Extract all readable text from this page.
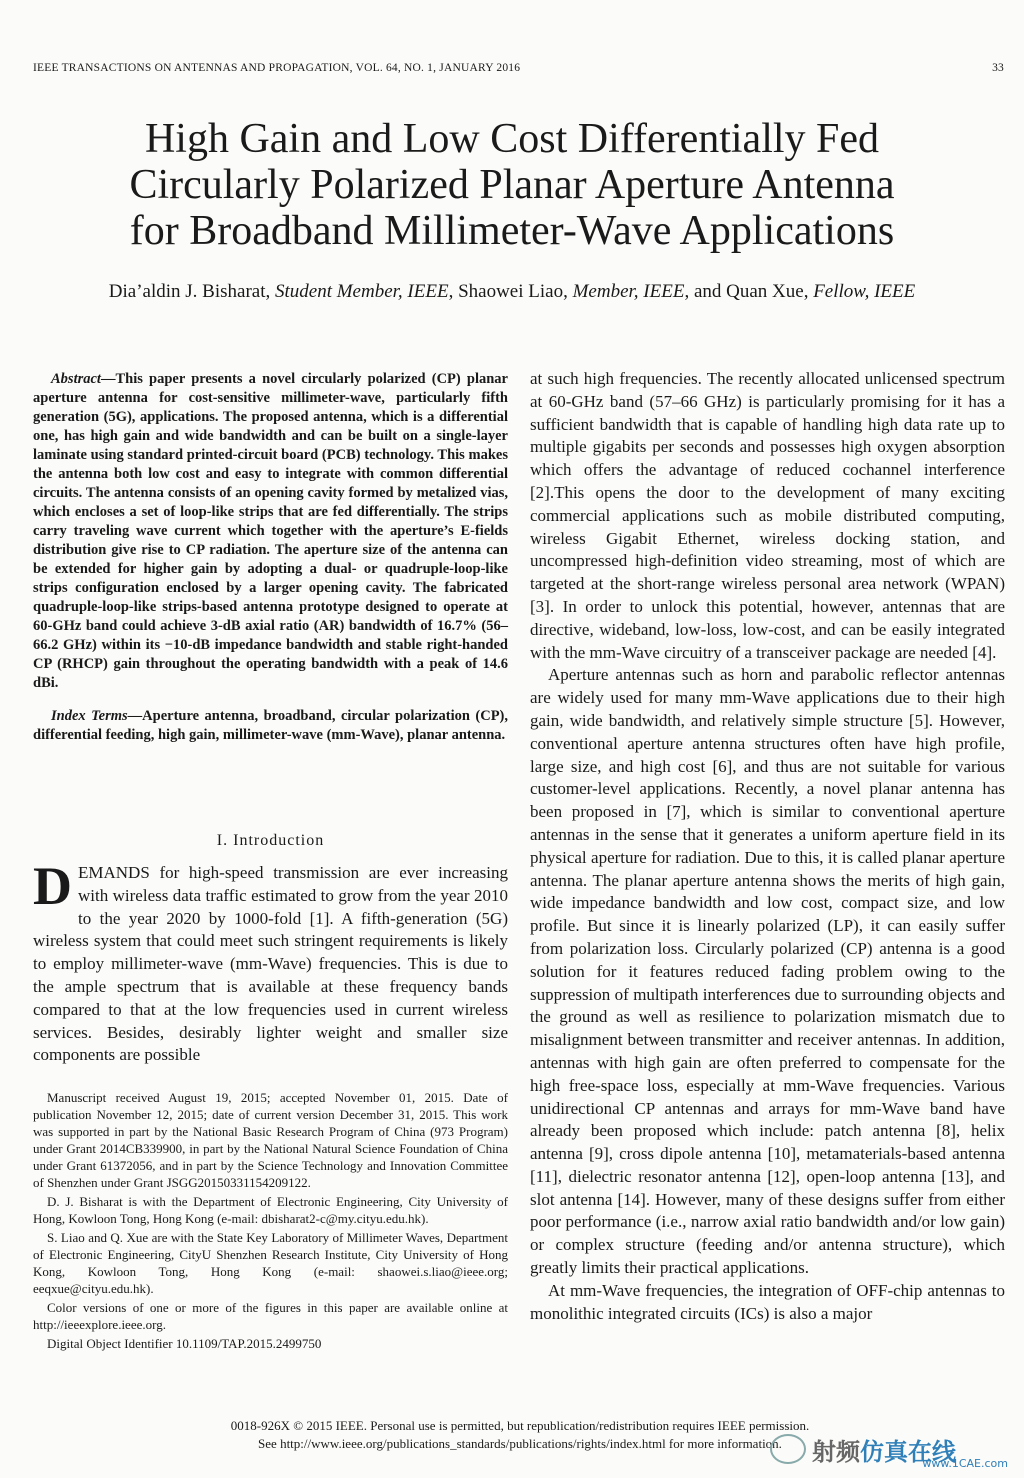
IEEE TRANSACTIONS ON ANTENNAS AND PROPAGATION, VOL. 64, NO. 1, JANUARY 2016	33
High Gain and Low Cost Differentially Fed
Circularly Polarized Planar Aperture Antenna
for Broadband Millimeter-Wave Applications
Dia’aldin J. Bisharat, Student Member, IEEE, Shaowei Liao, Member, IEEE, and Quan Xue, Fellow, IEEE

Abstract—This paper presents a novel circularly polarized (CP) planar aperture antenna for cost-sensitive millimeter-wave, particularly fifth generation (5G), applications. The proposed antenna, which is a differential one, has high gain and wide bandwidth and can be built on a single-layer laminate using standard printed-circuit board (PCB) technology. This makes the antenna both low cost and easy to integrate with common differential circuits. The antenna consists of an opening cavity formed by metalized vias, which encloses a set of loop-like strips that are fed differentially. The strips carry traveling wave current which together with the aperture’s E-fields distribution give rise to CP radiation. The aperture size of the antenna can be extended for higher gain by adopting a dual- or quadruple-loop-like strips configuration enclosed by a larger opening cavity. The fabricated quadruple-loop-like strips-based antenna prototype designed to operate at 60-GHz band could achieve 3-dB axial ratio (AR) bandwidth of 16.7% (56–66.2 GHz) within its −10-dB impedance bandwidth and stable right-handed CP (RHCP) gain throughout the operating bandwidth with a peak of 14.6 dBi.

Index Terms—Aperture antenna, broadband, circular polarization (CP), differential feeding, high gain, millimeter-wave (mm-Wave), planar antenna.

I. Introduction

DEMANDS for high-speed transmission are ever increasing with wireless data traffic estimated to grow from the year 2010 to the year 2020 by 1000-fold [1]. A fifth-generation (5G) wireless system that could meet such stringent requirements is likely to employ millimeter-wave (mm-Wave) frequencies. This is due to the ample spectrum that is available at these frequency bands compared to that at the low frequencies used in current wireless services. Besides, desirably lighter weight and smaller size components are possible

Manuscript received August 19, 2015; accepted November 01, 2015. Date of publication November 12, 2015; date of current version December 31, 2015. This work was supported in part by the National Basic Research Program of China (973 Program) under Grant 2014CB339900, in part by the National Natural Science Foundation of China under Grant 61372056, and in part by the Science Technology and Innovation Committee of Shenzhen under Grant JSGG20150331154209122.

D. J. Bisharat is with the Department of Electronic Engineering, City University of Hong, Kowloon Tong, Hong Kong (e-mail: dbisharat2-c@my.cityu.edu.hk).

S. Liao and Q. Xue are with the State Key Laboratory of Millimeter Waves, Department of Electronic Engineering, CityU Shenzhen Research Institute, City University of Hong Kong, Kowloon Tong, Hong Kong (e-mail: shaowei.s.liao@ieee.org; eeqxue@cityu.edu.hk).

Color versions of one or more of the figures in this paper are available online at http://ieeexplore.ieee.org.

Digital Object Identifier 10.1109/TAP.2015.2499750

at such high frequencies. The recently allocated unlicensed spectrum at 60-GHz band (57–66 GHz) is particularly promising for it has a sufficient bandwidth that is capable of handling high data rate up to multiple gigabits per seconds and possesses high oxygen absorption which offers the advantage of reduced cochannel interference [2].This opens the door to the development of many exciting commercial applications such as mobile distributed computing, wireless Gigabit Ethernet, wireless docking station, and uncompressed high-definition video streaming, most of which are targeted at the short-range wireless personal area network (WPAN) [3]. In order to unlock this potential, however, antennas that are directive, wideband, low-loss, low-cost, and can be easily integrated with the mm-Wave circuitry of a transceiver package are needed [4].

Aperture antennas such as horn and parabolic reflector antennas are widely used for many mm-Wave applications due to their high gain, wide bandwidth, and relatively simple structure [5]. However, conventional aperture antenna structures often have high profile, large size, and high cost [6], and thus are not suitable for various customer-level applications. Recently, a novel planar antenna has been proposed in [7], which is similar to conventional aperture antennas in the sense that it generates a uniform aperture field in its physical aperture for radiation. Due to this, it is called planar aperture antenna. The planar aperture antenna shows the merits of high gain, wide impedance bandwidth and low cost, compact size, and low profile. But since it is linearly polarized (LP), it can easily suffer from polarization loss. Circularly polarized (CP) antenna is a good solution for it features reduced fading problem owing to the suppression of multipath interferences due to surrounding objects and the ground as well as resilience to polarization mismatch due to misalignment between transmitter and receiver antennas. In addition, antennas with high gain are often preferred to compensate for the high free-space loss, especially at mm-Wave frequencies. Various unidirectional CP antennas and arrays for mm-Wave band have already been proposed which include: patch antenna [8], helix antenna [9], cross dipole antenna [10], metamaterials-based antenna [11], dielectric resonator antenna [12], open-loop antenna [13], and slot antenna [14]. However, many of these designs suffer from either poor performance (i.e., narrow axial ratio bandwidth and/or low gain) or complex structure (feeding and/or antenna structure), which greatly limits their practical applications.

At mm-Wave frequencies, the integration of OFF-chip antennas to monolithic integrated circuits (ICs) is also a major

0018-926X © 2015 IEEE. Personal use is permitted, but republication/redistribution requires IEEE permission.
See http://www.ieee.org/publications_standards/publications/rights/index.html for more information.	射频仿真在线
www.1CAE.com
